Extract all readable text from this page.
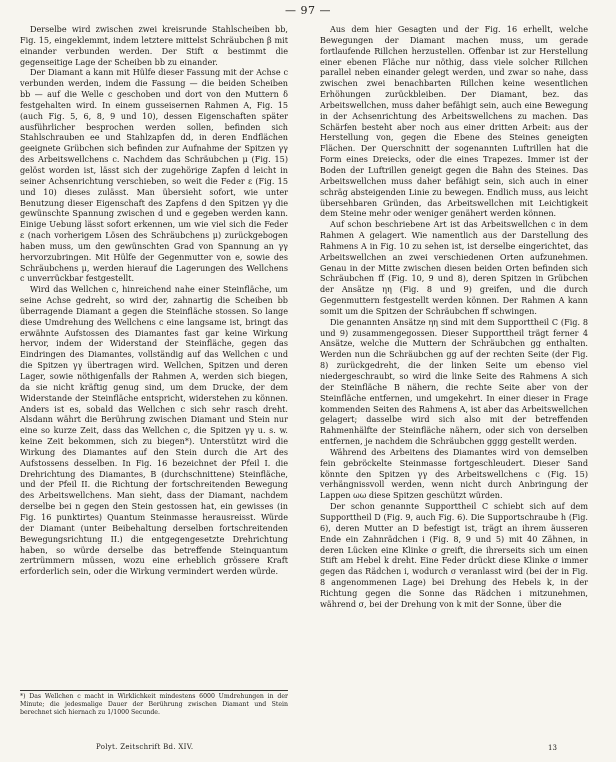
— 97 —

Derselbe wird zwischen zwei kreisrunde Stahlscheiben bb, Fig. 15, eingeklemmt, indem letztere mittelst Schräubchen β mit einander verbunden werden. Der Stift α bestimmt die gegenseitige Lage der Scheiben bb zu einander.

Der Diamant a kann mit Hülfe dieser Fassung mit der Achse c verbunden werden, indem die Fassung — die beiden Scheiben bb — auf die Welle c geschoben und dort von den Muttern δ festgehalten wird. In einem gusseisernen Rahmen A, Fig. 15 (auch Fig. 5, 6, 8, 9 und 10), dessen Eigenschaften später ausführlicher besprochen werden sollen, befinden sich Stahlschrauben ee und Stahlzapfen dd, in deren Endflächen geeignete Grübchen sich befinden zur Aufnahme der Spitzen γγ des Arbeitswellchens c. Nachdem das Schräubchen μ (Fig. 15) gelöst worden ist, lässt sich der zugehörige Zapfen d leicht in seiner Achsenrichtung verschieben, so weit die Feder ε (Fig. 15 und 10) dieses zulässt. Man übersieht sofort, wie unter Benutzung dieser Eigenschaft des Zapfens d den Spitzen γγ die gewünschte Spannung zwischen d und e gegeben werden kann. Einige Uebung lässt sofort erkennen, um wie viel sich die Feder ε (nach vorherigem Lösen des Schräubchens μ) zurückgebogen haben muss, um den gewünschten Grad von Spannung an γγ hervorzubringen. Mit Hülfe der Gegenmutter von e, sowie des Schräubchens μ, werden hierauf die Lagerungen des Wellchens c unverrückbar festgestellt.

Wird das Wellchen c, hinreichend nahe einer Steinfläche, um seine Achse gedreht, so wird der, zahnartig die Scheiben bb überragende Diamant a gegen die Steinfläche stossen. So lange diese Umdrehung des Wellchens c eine langsame ist, bringt das erwähnte Aufstossen des Diamantes fast gar keine Wirkung hervor, indem der Widerstand der Steinfläche, gegen das Eindringen des Diamantes, vollständig auf das Wellchen c und die Spitzen γγ übertragen wird. Wellchen, Spitzen und deren Lager, sowie nöthigenfalls der Rahmen A, werden sich biegen, da sie nicht kräftig genug sind, um dem Drucke, der dem Widerstande der Steinfläche entspricht, widerstehen zu können. Anders ist es, sobald das Wellchen c sich sehr rasch dreht. Alsdann währt die Berührung zwischen Diamant und Stein nur eine so kurze Zeit, dass das Wellchen c, die Spitzen γγ u. s. w. keine Zeit bekommen, sich zu biegen*). Unterstützt wird die Wirkung des Diamantes auf den Stein durch die Art des Aufstossens desselben. In Fig. 16 bezeichnet der Pfeil I. die Drehrichtung des Diamantes, B (durchschnittene) Steinfläche, und der Pfeil II. die Richtung der fortschreitenden Bewegung des Arbeitswellchens. Man sieht, dass der Diamant, nachdem derselbe bei n gegen den Stein gestossen hat, ein gewisses (in Fig. 16 punktirtes) Quantum Steinmasse herausreisst. Würde der Diamant (unter Beibehaltung derselben fortschreitenden Bewegungsrichtung II.) die entgegengesetzte Drehrichtung haben, so würde derselbe das betreffende Steinquantum zertrümmern müssen, wozu eine erheblich grössere Kraft erforderlich sein, oder die Wirkung vermindert werden würde.

*) Das Wellchen c macht in Wirklichkeit mindestens 6000 Umdrehungen in der Minute; die jedesmalige Dauer der Berührung zwischen Diamant und Stein berechnet sich hiernach zu 1/1000 Secunde.

Aus dem hier Gesagten und der Fig. 16 erhellt, welche Bewegungen der Diamant machen muss, um gerade fortlaufende Rillchen herzustellen. Offenbar ist zur Herstellung einer ebenen Fläche nur nöthig, dass viele solcher Rillchen parallel neben einander gelegt werden, und zwar so nahe, dass zwischen zwei benachbarten Rillchen keine wesentlichen Erhöhungen zurückbleiben. Der Diamant, bez. das Arbeitswellchen, muss daher befähigt sein, auch eine Bewegung in der Achsenrichtung des Arbeitswellchens zu machen. Das Schärfen besteht aber noch aus einer dritten Arbeit: aus der Herstellung von, gegen die Ebene des Steines geneigten Flächen. Der Querschnitt der sogenannten Luftrillen hat die Form eines Dreiecks, oder die eines Trapezes. Immer ist der Boden der Luftrillen geneigt gegen die Bahn des Steines. Das Arbeitswellchen muss daher befähigt sein, sich auch in einer schräg absteigenden Linie zu bewegen. Endlich muss, aus leicht übersehbaren Gründen, das Arbeitswellchen mit Leichtigkeit dem Steine mehr oder weniger genähert werden können.

Auf schon beschriebene Art ist das Arbeitswellchen c in dem Rahmen A gelagert. Wie namentlich aus der Darstellung des Rahmens A in Fig. 10 zu sehen ist, ist derselbe eingerichtet, das Arbeitswellchen an zwei verschiedenen Orten aufzunehmen. Genau in der Mitte zwischen diesen beiden Orten befinden sich Schräubchen ff (Fig. 10, 9 und 8), deren Spitzen in Grübchen der Ansätze ηη (Fig. 8 und 9) greifen, und die durch Gegenmuttern festgestellt werden können. Der Rahmen A kann somit um die Spitzen der Schräubchen ff schwingen.

Die genannten Ansätze ηη sind mit dem Supporttheil C (Fig. 8 und 9) zusammengegossen. Dieser Supporttheil trägt ferner 4 Ansätze, welche die Muttern der Schräubchen gg enthalten. Werden nun die Schräubchen gg auf der rechten Seite (der Fig. 8) zurückgedreht, die der linken Seite um ebenso viel niedergeschraubt, so wird die linke Seite des Rahmens A sich der Steinfläche B nähern, die rechte Seite aber von der Steinfläche entfernen, und umgekehrt. In einer dieser in Frage kommenden Seiten des Rahmens A, ist aber das Arbeitswellchen gelagert; dasselbe wird sich also mit der betreffenden Rahmenhälfte der Steinfläche nähern, oder sich von derselben entfernen, je nachdem die Schräubchen gggg gestellt werden.

Während des Arbeitens des Diamantes wird von demselben fein gebröckelte Steinmasse fortgeschleudert. Dieser Sand könnte den Spitzen γγ des Arbeitswellchens c (Fig. 15) verhängnissvoll werden, wenn nicht durch Anbringung der Lappen ωω diese Spitzen geschützt würden.

Der schon genannte Supporttheil C schiebt sich auf dem Supporttheil D (Fig. 9, auch Fig. 6). Die Supportschraube h (Fig. 6), deren Mutter an D befestigt ist, trägt an ihrem äusseren Ende ein Zahnrädchen i (Fig. 8, 9 und 5) mit 40 Zähnen, in deren Lücken eine Klinke σ greift, die ihrerseits sich um einen Stift am Hebel k dreht. Eine Feder drückt diese Klinke σ immer gegen das Rädchen i, wodurch σ veranlasst wird (bei der in Fig. 8 angenommenen Lage) bei Drehung des Hebels k, in der Richtung gegen die Sonne das Rädchen i mitzunehmen, während σ, bei der Drehung von k mit der Sonne, über die

Polyt. Zeitschrift Bd. XIV.	13
